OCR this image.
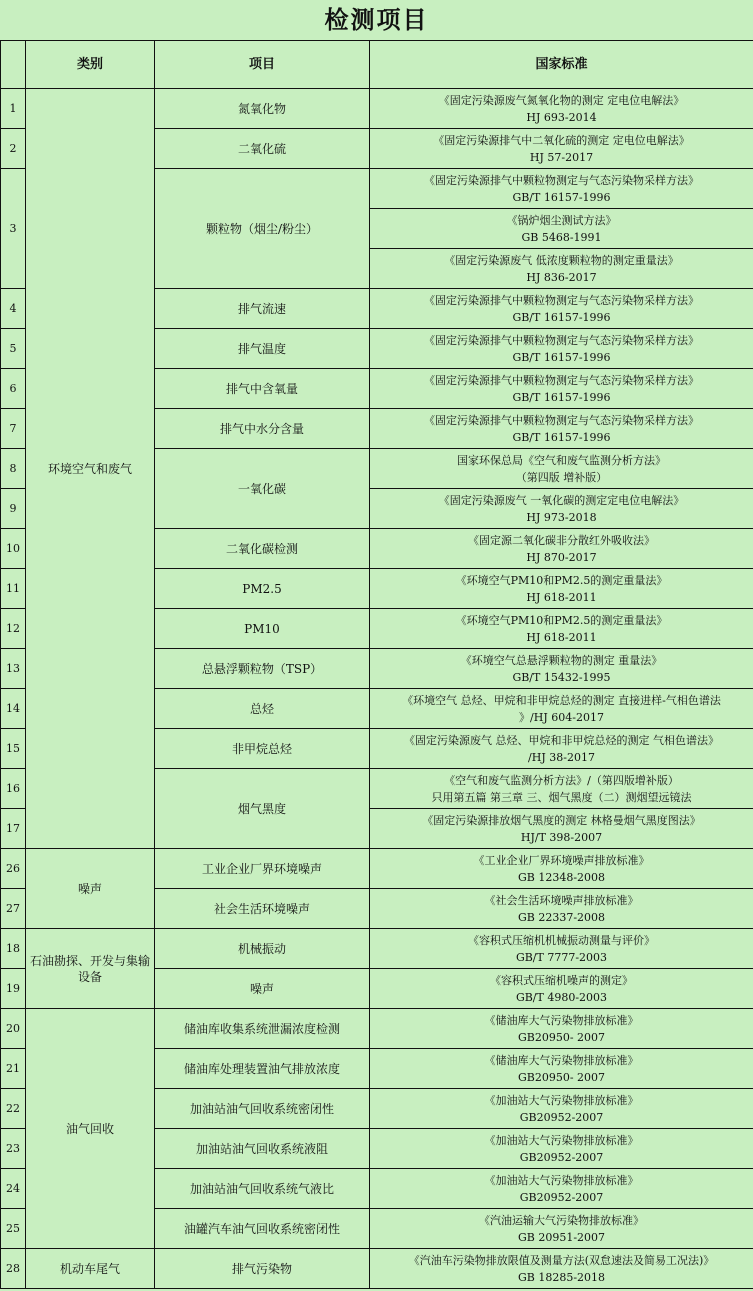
检测项目
	类别	项目	国家标准
1	环境空气和废气	氮氧化物	《固定污染源废气氮氧化物的测定 定电位电解法》
HJ 693-2014

2		二氧化硫	《固定污染源排气中二氧化硫的测定 定电位电解法》
HJ 57-2017

3		颗粒物（烟尘/粉尘）	《固定污染源排气中颗粒物测定与气态污染物采样方法》
GB/T 16157-1996

			《锅炉烟尘测试方法》
GB 5468-1991

			《固定污染源废气 低浓度颗粒物的测定重量法》
HJ 836-2017

4		排气流速	《固定污染源排气中颗粒物测定与气态污染物采样方法》
GB/T 16157-1996

5		排气温度	《固定污染源排气中颗粒物测定与气态污染物采样方法》
GB/T 16157-1996

6		排气中含氧量	《固定污染源排气中颗粒物测定与气态污染物采样方法》
GB/T 16157-1996

7		排气中水分含量	《固定污染源排气中颗粒物测定与气态污染物采样方法》
GB/T 16157-1996

8		一氧化碳	国家环保总局《空气和废气监测分析方法》
（第四版 增补版）

9			《固定污染源废气 一氧化碳的测定定电位电解法》
HJ 973-2018

10		二氧化碳检测	《固定源二氧化碳非分散红外吸收法》
HJ 870-2017

11		PM2.5	《环境空气PM10和PM2.5的测定重量法》
HJ 618-2011

12		PM10	《环境空气PM10和PM2.5的测定重量法》
HJ 618-2011

13		总悬浮颗粒物（TSP）	《环境空气总悬浮颗粒物的测定 重量法》
GB/T 15432-1995

14		总烃	《环境空气 总烃、甲烷和非甲烷总烃的测定 直接进样-气相色谱法
》/HJ 604-2017

15		非甲烷总烃	《固定污染源废气 总烃、甲烷和非甲烷总烃的测定 气相色谱法》
/HJ 38-2017

16		烟气黑度	《空气和废气监测分析方法》/（第四版增补版）
只用第五篇 第三章 三、烟气黑度（二）测烟望远镜法

17			《固定污染源排放烟气黑度的测定 林格曼烟气黑度图法》
HJ/T 398-2007

26	噪声	工业企业厂界环境噪声	《工业企业厂界环境噪声排放标准》
GB 12348-2008

27		社会生活环境噪声	《社会生活环境噪声排放标准》
GB 22337-2008

18	石油勘探、开发与集输设备	机械振动	《容积式压缩机机械振动测量与评价》
GB/T 7777-2003

19		噪声	《容积式压缩机噪声的测定》
GB/T 4980-2003

20	油气回收	储油库收集系统泄漏浓度检测	《储油库大气污染物排放标准》
GB20950- 2007

21		储油库处理装置油气排放浓度	《储油库大气污染物排放标准》
GB20950- 2007

22		加油站油气回收系统密闭性	《加油站大气污染物排放标准》
GB20952-2007

23		加油站油气回收系统液阻	《加油站大气污染物排放标准》
GB20952-2007

24		加油站油气回收系统气液比	《加油站大气污染物排放标准》
GB20952-2007

25		油罐汽车油气回收系统密闭性	《汽油运输大气污染物排放标准》
GB 20951-2007

28	机动车尾气	排气污染物	《汽油车污染物排放限值及测量方法(双怠速法及简易工况法)》
GB 18285-2018
